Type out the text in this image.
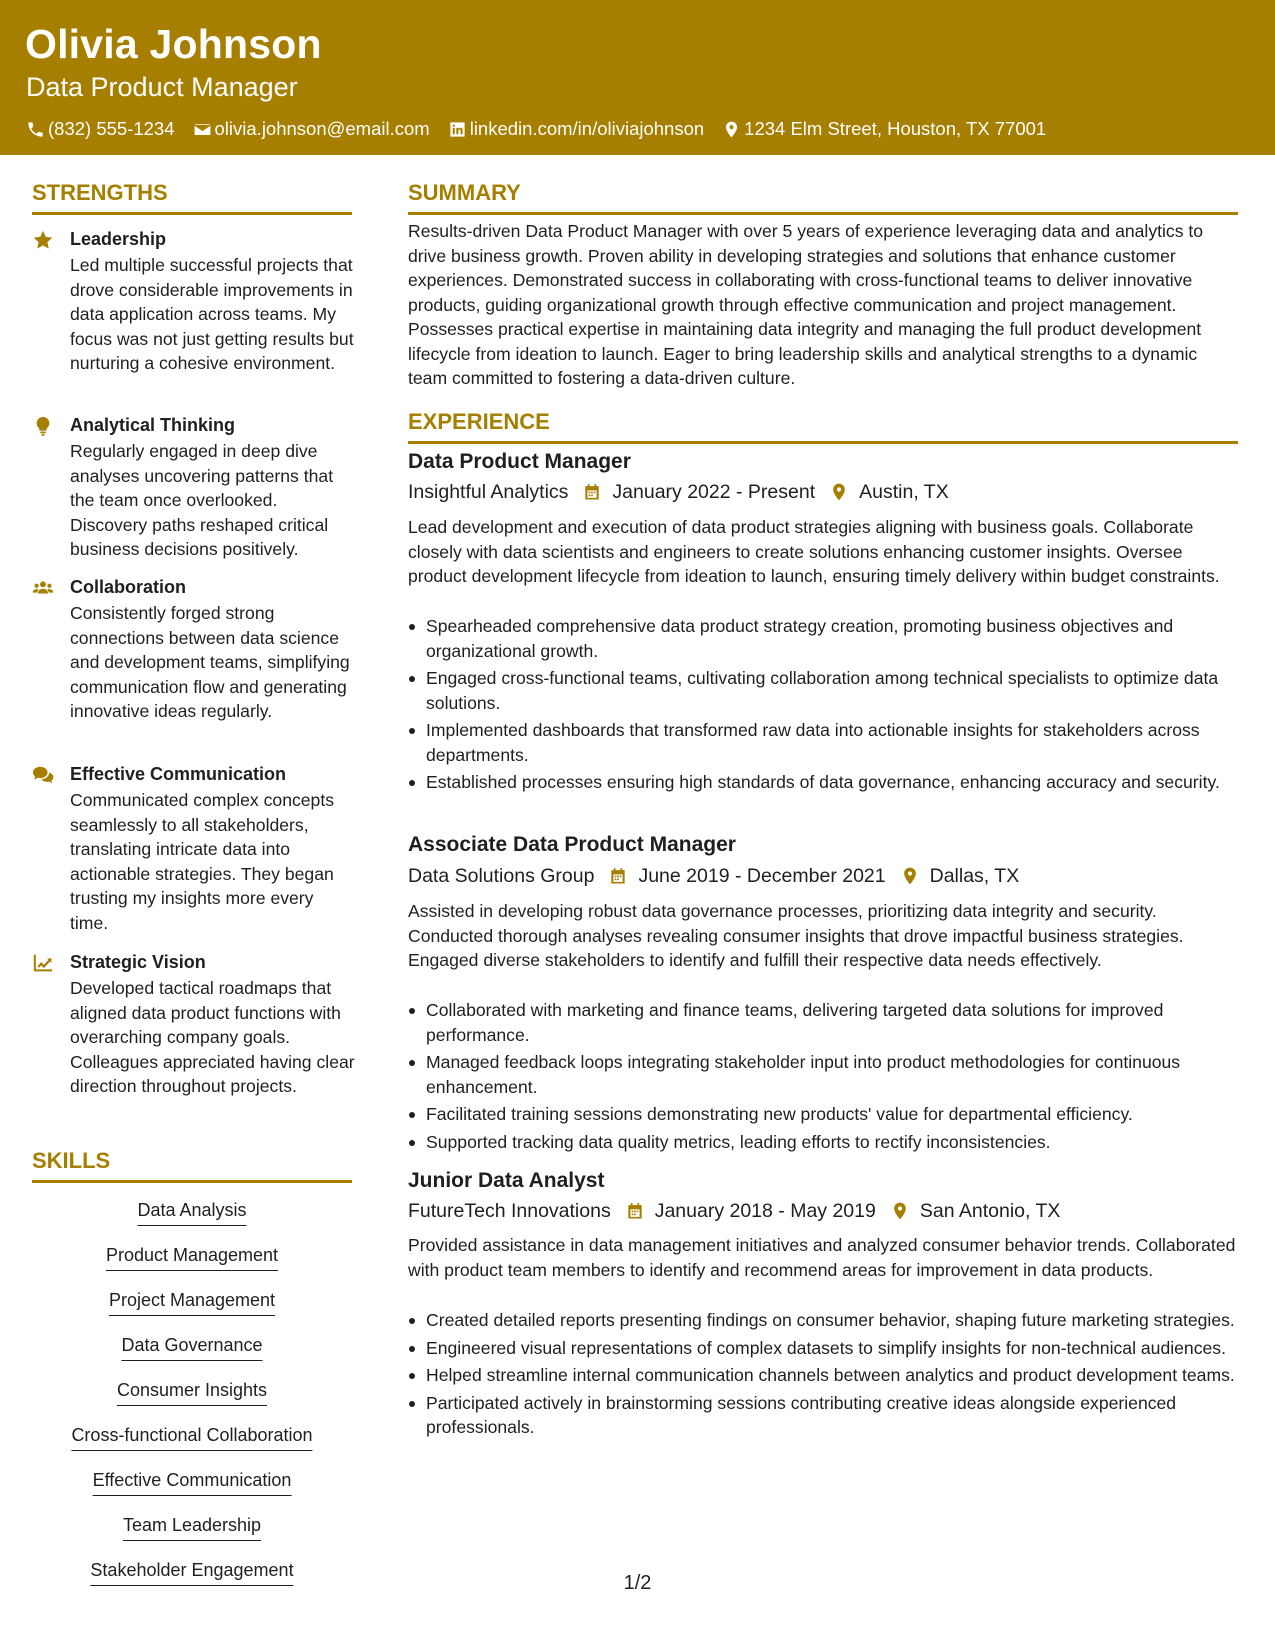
Olivia Johnson
Data Product Manager
(832) 555-1234 olivia.johnson@email.com linkedin.com/in/oliviajohnson 1234 Elm Street, Houston, TX 77001
STRENGTHS
Leadership
Led multiple successful projects that drove considerable improvements in data application across teams. My focus was not just getting results but nurturing a cohesive environment.
Analytical Thinking
Regularly engaged in deep dive analyses uncovering patterns that the team once overlooked. Discovery paths reshaped critical business decisions positively.
Collaboration
Consistently forged strong connections between data science and development teams, simplifying communication flow and generating innovative ideas regularly.
Effective Communication
Communicated complex concepts seamlessly to all stakeholders, translating intricate data into actionable strategies. They began trusting my insights more every time.
Strategic Vision
Developed tactical roadmaps that aligned data product functions with overarching company goals. Colleagues appreciated having clear direction throughout projects.
SKILLS
Data Analysis
Product Management
Project Management
Data Governance
Consumer Insights
Cross-functional Collaboration
Effective Communication
Team Leadership
Stakeholder Engagement
SUMMARY
Results-driven Data Product Manager with over 5 years of experience leveraging data and analytics to drive business growth. Proven ability in developing strategies and solutions that enhance customer experiences. Demonstrated success in collaborating with cross-functional teams to deliver innovative products, guiding organizational growth through effective communication and project management. Possesses practical expertise in maintaining data integrity and managing the full product development lifecycle from ideation to launch. Eager to bring leadership skills and analytical strengths to a dynamic team committed to fostering a data-driven culture.
EXPERIENCE
Data Product Manager
Insightful Analytics January 2022 - Present Austin, TX
Lead development and execution of data product strategies aligning with business goals. Collaborate closely with data scientists and engineers to create solutions enhancing customer insights. Oversee product development lifecycle from ideation to launch, ensuring timely delivery within budget constraints.
Spearheaded comprehensive data product strategy creation, promoting business objectives and organizational growth.
Engaged cross-functional teams, cultivating collaboration among technical specialists to optimize data solutions.
Implemented dashboards that transformed raw data into actionable insights for stakeholders across departments.
Established processes ensuring high standards of data governance, enhancing accuracy and security.
Associate Data Product Manager
Data Solutions Group June 2019 - December 2021 Dallas, TX
Assisted in developing robust data governance processes, prioritizing data integrity and security. Conducted thorough analyses revealing consumer insights that drove impactful business strategies. Engaged diverse stakeholders to identify and fulfill their respective data needs effectively.
Collaborated with marketing and finance teams, delivering targeted data solutions for improved performance.
Managed feedback loops integrating stakeholder input into product methodologies for continuous enhancement.
Facilitated training sessions demonstrating new products' value for departmental efficiency.
Supported tracking data quality metrics, leading efforts to rectify inconsistencies.
Junior Data Analyst
FutureTech Innovations January 2018 - May 2019 San Antonio, TX
Provided assistance in data management initiatives and analyzed consumer behavior trends. Collaborated with product team members to identify and recommend areas for improvement in data products.
Created detailed reports presenting findings on consumer behavior, shaping future marketing strategies.
Engineered visual representations of complex datasets to simplify insights for non-technical audiences.
Helped streamline internal communication channels between analytics and product development teams.
Participated actively in brainstorming sessions contributing creative ideas alongside experienced professionals.
1/2
